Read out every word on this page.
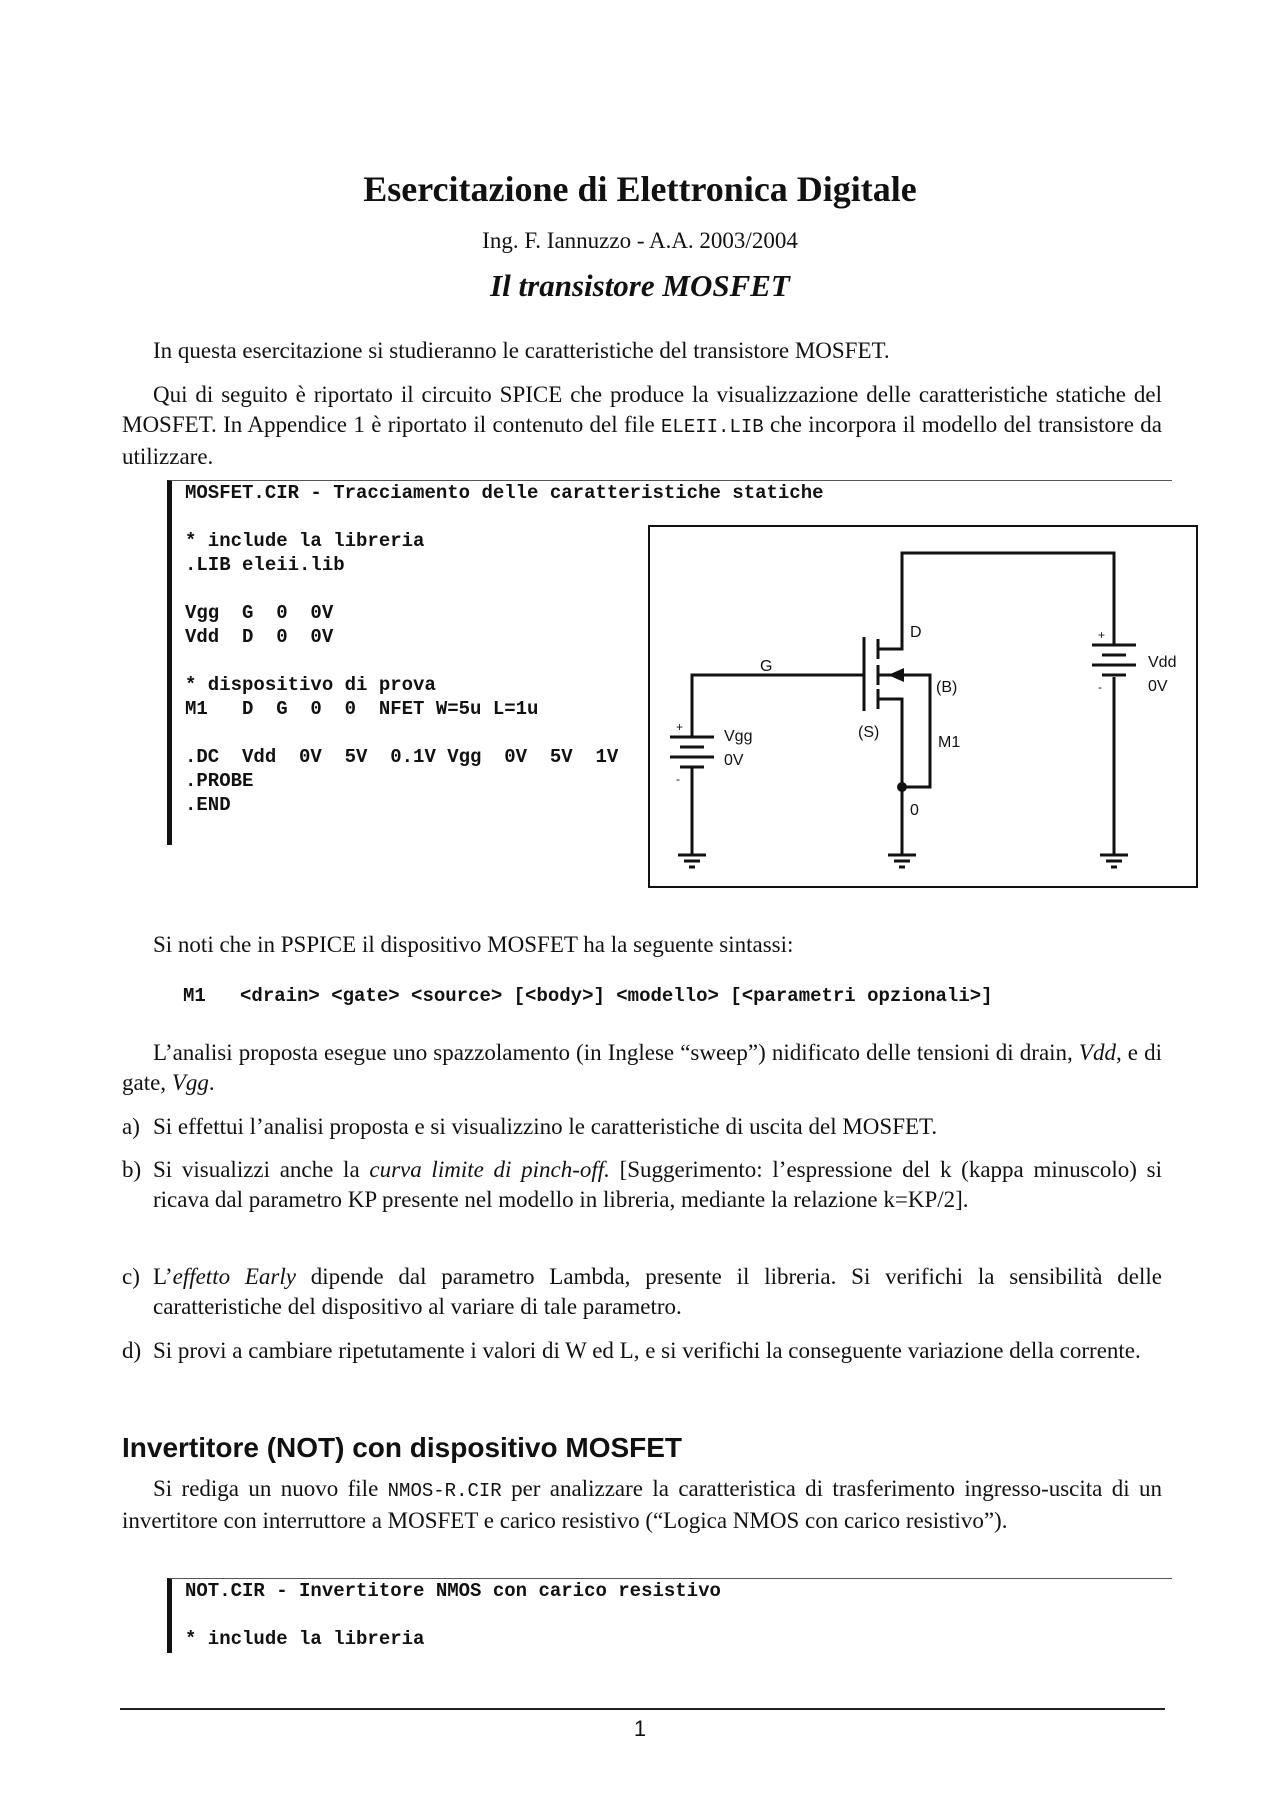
Esercitazione di Elettronica Digitale
Ing. F. Iannuzzo - A.A. 2003/2004
Il transistore MOSFET
In questa esercitazione si studieranno le caratteristiche del transistore MOSFET.
Qui di seguito è riportato il circuito SPICE che produce la visualizzazione delle caratteristiche statiche del MOSFET. In Appendice 1 è riportato il contenuto del file ELEII.LIB che incorpora il modello del transistore da utilizzare.
MOSFET.CIR - Tracciamento delle caratteristiche statiche
* include la libreria
.LIB eleii.lib
Vgg  G  0  0V
Vdd  D  0  0V
* dispositivo di prova
M1   D  G  0  0  NFET W=5u L=1u
.DC  Vdd  0V  5V  0.1V Vgg  0V  5V  1V
.PROBE
.END
D
G
(B)
(S)
M1
0
Vgg
0V
Vdd
0V
+
-
+
-
Si noti che in PSPICE il dispositivo MOSFET ha la seguente sintassi:
M1   <drain> <gate> <source> [<body>] <modello> [<parametri opzionali>]
L’analisi proposta esegue uno spazzolamento (in Inglese “sweep”) nidificato delle tensioni di drain, Vdd, e di gate, Vgg.
a) Si effettui l’analisi proposta e si visualizzino le caratteristiche di uscita del MOSFET.
b) Si visualizzi anche la curva limite di pinch-off. [Suggerimento: l’espressione del k (kappa minuscolo) si ricava dal parametro KP presente nel modello in libreria, mediante la relazione k=KP/2].
c) L’effetto Early dipende dal parametro Lambda, presente il libreria. Si verifichi la sensibilità delle caratteristiche del dispositivo al variare di tale parametro.
d) Si provi a cambiare ripetutamente i valori di W ed L, e si verifichi la conseguente variazione della corrente.
Invertitore (NOT) con dispositivo MOSFET
Si rediga un nuovo file NMOS-R.CIR per analizzare la caratteristica di trasferimento ingresso-uscita di un invertitore con interruttore a MOSFET e carico resistivo (“Logica NMOS con carico resistivo”).
NOT.CIR - Invertitore NMOS con carico resistivo
* include la libreria
1
